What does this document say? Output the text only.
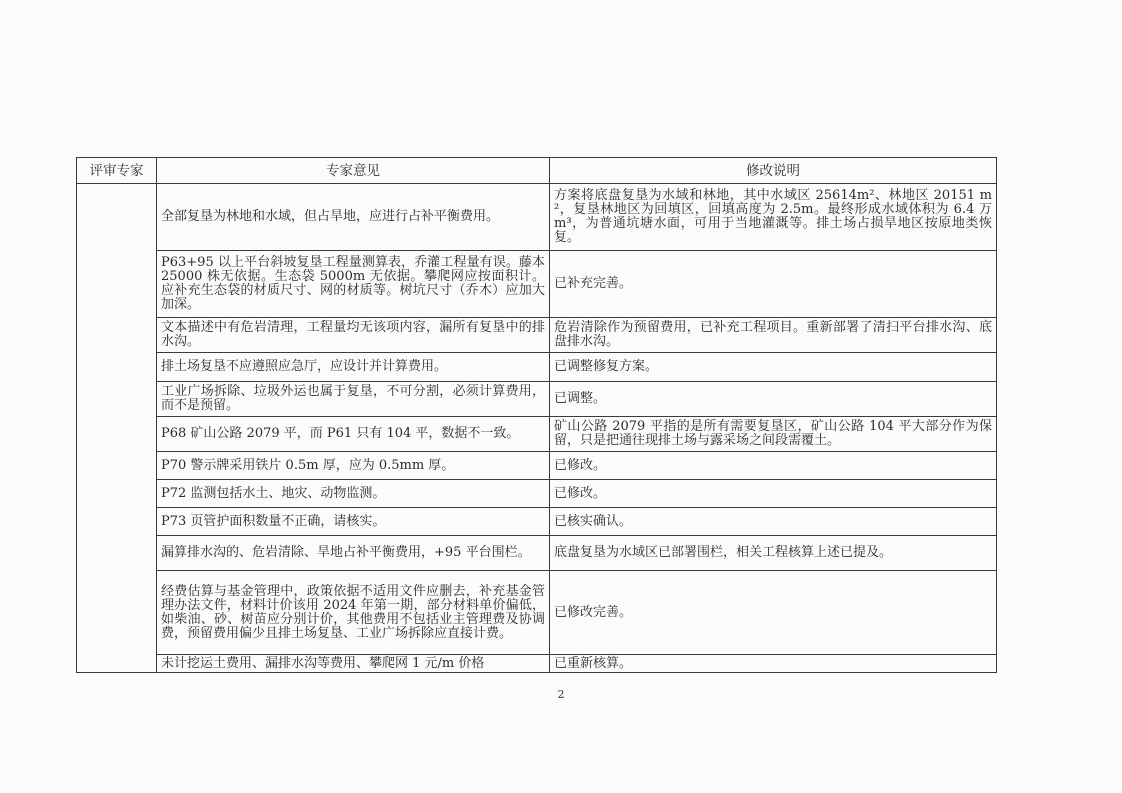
评审专家	专家意见	修改说明

	全部复垦为林地和水域，但占旱地，应进行占补平衡费用。	方案将底盘复垦为水域和林地，其中水域区 25614m²、林地区 20151 m²，复垦林地区为回填区，回填高度为 2.5m。最终形成水域体积为 6.4 万 m³，为普通坑塘水面，可用于当地灌溉等。排土场占损旱地区按原地类恢复。

	P63+95 以上平台斜坡复垦工程量测算表，乔灌工程量有误。藤本 25000 株无依据。生态袋 5000m 无依据。攀爬网应按面积计。应补充生态袋的材质尺寸、网的材质等。树坑尺寸（乔木）应加大加深。	已补充完善。

	文本描述中有危岩清理，工程量均无该项内容，漏所有复垦中的排水沟。	危岩清除作为预留费用，已补充工程项目。重新部署了清扫平台排水沟、底盘排水沟。

	排土场复垦不应遵照应急厅，应设计并计算费用。	已调整修复方案。

	工业广场拆除、垃圾外运也属于复垦，不可分割，必须计算费用，而不是预留。	已调整。

	P68 矿山公路 2079 平，而 P61 只有 104 平，数据不一致。	矿山公路 2079 平指的是所有需要复垦区，矿山公路 104 平大部分作为保留，只是把通往现排土场与露采场之间段需覆土。

	P70 警示牌采用铁片 0.5m 厚，应为 0.5mm 厚。	已修改。

	P72 监测包括水土、地灾、动物监测。	已修改。

	P73 页管护面积数量不正确，请核实。	已核实确认。

	漏算排水沟的、危岩清除、旱地占补平衡费用，+95 平台围栏。	底盘复垦为水域区已部署围栏，相关工程核算上述已提及。

	经费估算与基金管理中，政策依据不适用文件应删去，补充基金管理办法文件，材料计价该用 2024 年第一期，部分材料单价偏低，如柴油、砂、树苗应分别计价，其他费用不包括业主管理费及协调费，预留费用偏少且排土场复垦、工业广场拆除应直接计费。	已修改完善。

	未计挖运土费用、漏排水沟等费用、攀爬网 1 元/m 价格	已重新核算。
2
